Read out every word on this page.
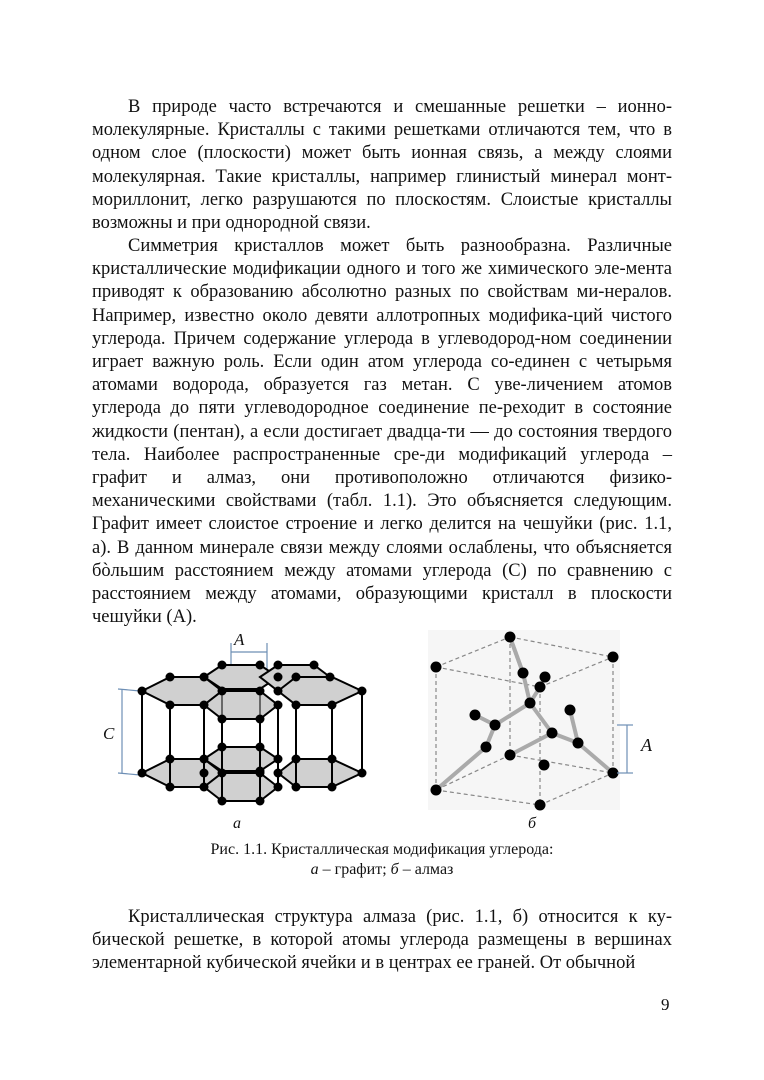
В природе часто встречаются и смешанные решетки – ионно-молекулярные. Кристаллы с такими решетками отличаются тем, что в одном слое (плоскости) может быть ионная связь, а между слоями молекулярная. Такие кристаллы, например глинистый минерал монт-мориллонит, легко разрушаются по плоскостям. Слоистые кристаллы возможны и при однородной связи.

Симметрия кристаллов может быть разнообразна. Различные кристаллические модификации одного и того же химического эле-мента приводят к образованию абсолютно разных по свойствам ми-нералов. Например, известно около девяти аллотропных модифика-ций чистого углерода. Причем содержание углерода в углеводород-ном соединении играет важную роль. Если один атом углерода со-единен с четырьмя атомами водорода, образуется газ метан. С уве-личением атомов углерода до пяти углеводородное соединение пе-реходит в состояние жидкости (пентан), а если достигает двадца-ти — до состояния твердого тела. Наиболее распространенные сре-ди модификаций углерода – графит и алмаз, они противоположно отличаются физико-механическими свойствами (табл. 1.1). Это объясняется следующим. Графит имеет слоистое строение и легко делится на чешуйки (рис. 1.1, а). В данном минерале связи между слоями ослаблены, что объясняется бòльшим расстоянием между атомами углерода (С) по сравнению с расстоянием между атомами, образующими кристалл в плоскости чешуйки (А).

A
C
A
а	б
Рис. 1.1. Кристаллическая модификация углерода:
а – графит; б – алмаз

Кристаллическая структура алмаза (рис. 1.1, б) относится к ку-бической решетке, в которой атомы углерода размещены в вершинах элементарной кубической ячейки и в центрах ее граней. От обычной

9
